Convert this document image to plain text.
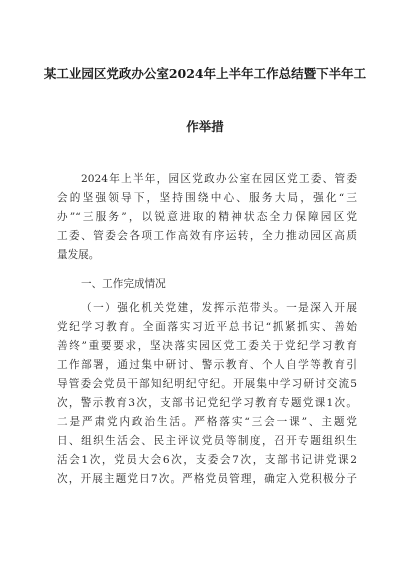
某工业园区党政办公室2024年上半年工作总结暨下半年工
作举措
2024年上半年，园区党政办公室在园区党工委、管委
会的坚强领导下，坚持围绕中心、服务大局，强化“三
办”“三服务”，以锐意进取的精神状态全力保障园区党
工委、管委会各项工作高效有序运转，全力推动园区高质
量发展。
一、工作完成情况
（一）强化机关党建，发挥示范带头。一是深入开展
党纪学习教育。全面落实习近平总书记“抓紧抓实、善始
善终”重要要求，坚决落实园区党工委关于党纪学习教育
工作部署，通过集中研讨、警示教育、个人自学等教育引
导管委会党员干部知纪明纪守纪。开展集中学习研讨交流5
次，警示教育3次，支部书记党纪学习教育专题党课1次。
二是严肃党内政治生活。严格落实“三会一课”、主题党
日、组织生活会、民主评议党员等制度，召开专题组织生
活会1次，党员大会6次，支委会7次，支部书记讲党课2
次，开展主题党日7次。严格党员管理，确定入党积极分子
